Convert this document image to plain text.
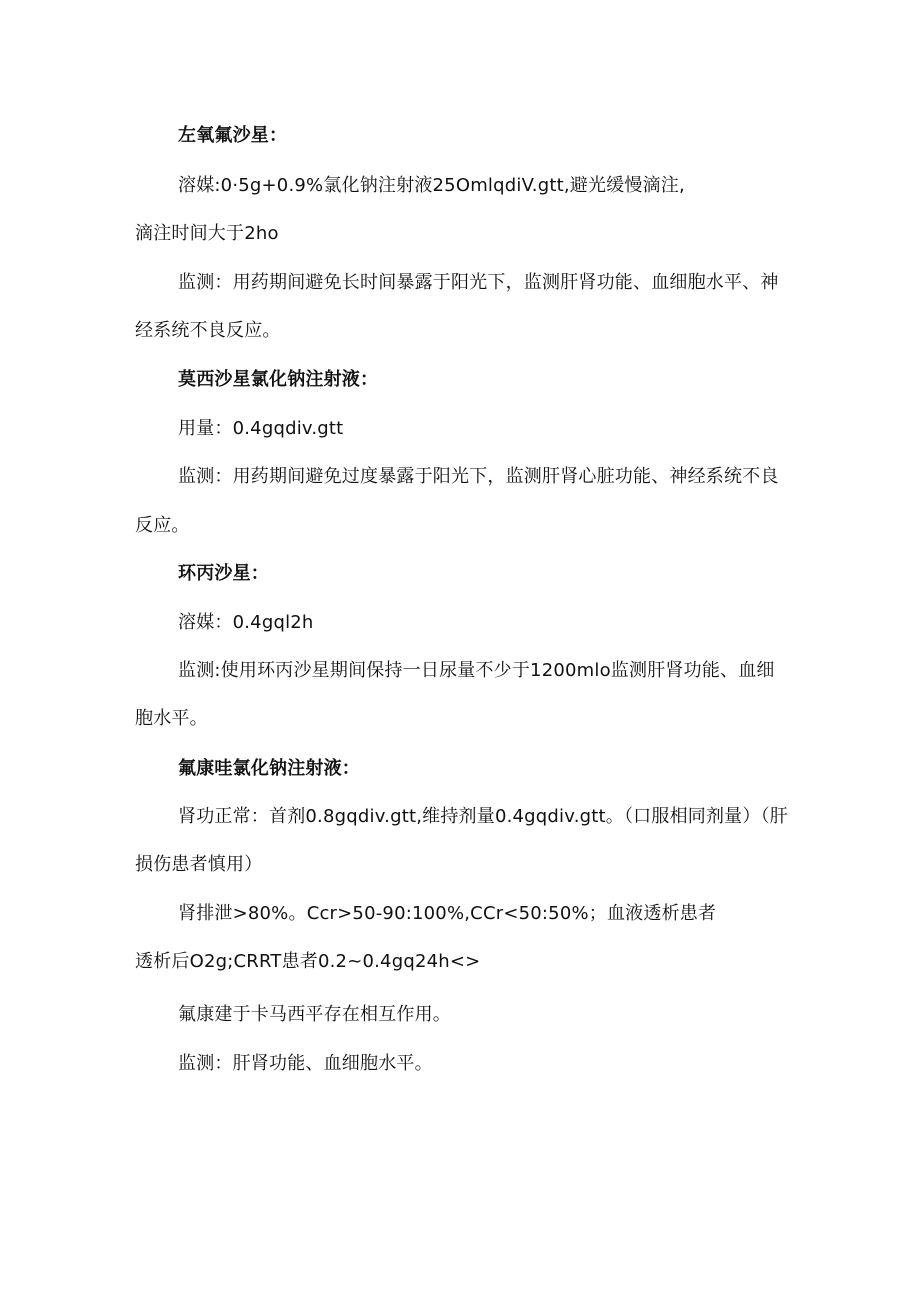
左氧氟沙星：
溶媒:0·5g+0.9%氯化钠注射液25OmlqdiV.gtt,避光缓慢滴注,
滴注时间大于2ho
监测：用药期间避免长时间暴露于阳光下，监测肝肾功能、血细胞水平、神
经系统不良反应。
莫西沙星氯化钠注射液：
用量：0.4gqdiv.gtt
监测：用药期间避免过度暴露于阳光下，监测肝肾心脏功能、神经系统不良
反应。
环丙沙星：
溶媒：0.4gql2h
监测:使用环丙沙星期间保持一日尿量不少于1200mlo监测肝肾功能、血细
胞水平。
氟康哇氯化钠注射液：
肾功正常：首剂0.8gqdiv.gtt,维持剂量0.4gqdiv.gtt。（口服相同剂量）（肝
损伤患者慎用）
肾排泄>80%。Ccr>50-90:100%,CCr<50:50%；血液透析患者
透析后O2g;CRRT患者0.2~0.4gq24h<>
氟康建于卡马西平存在相互作用。
监测：肝肾功能、血细胞水平。
